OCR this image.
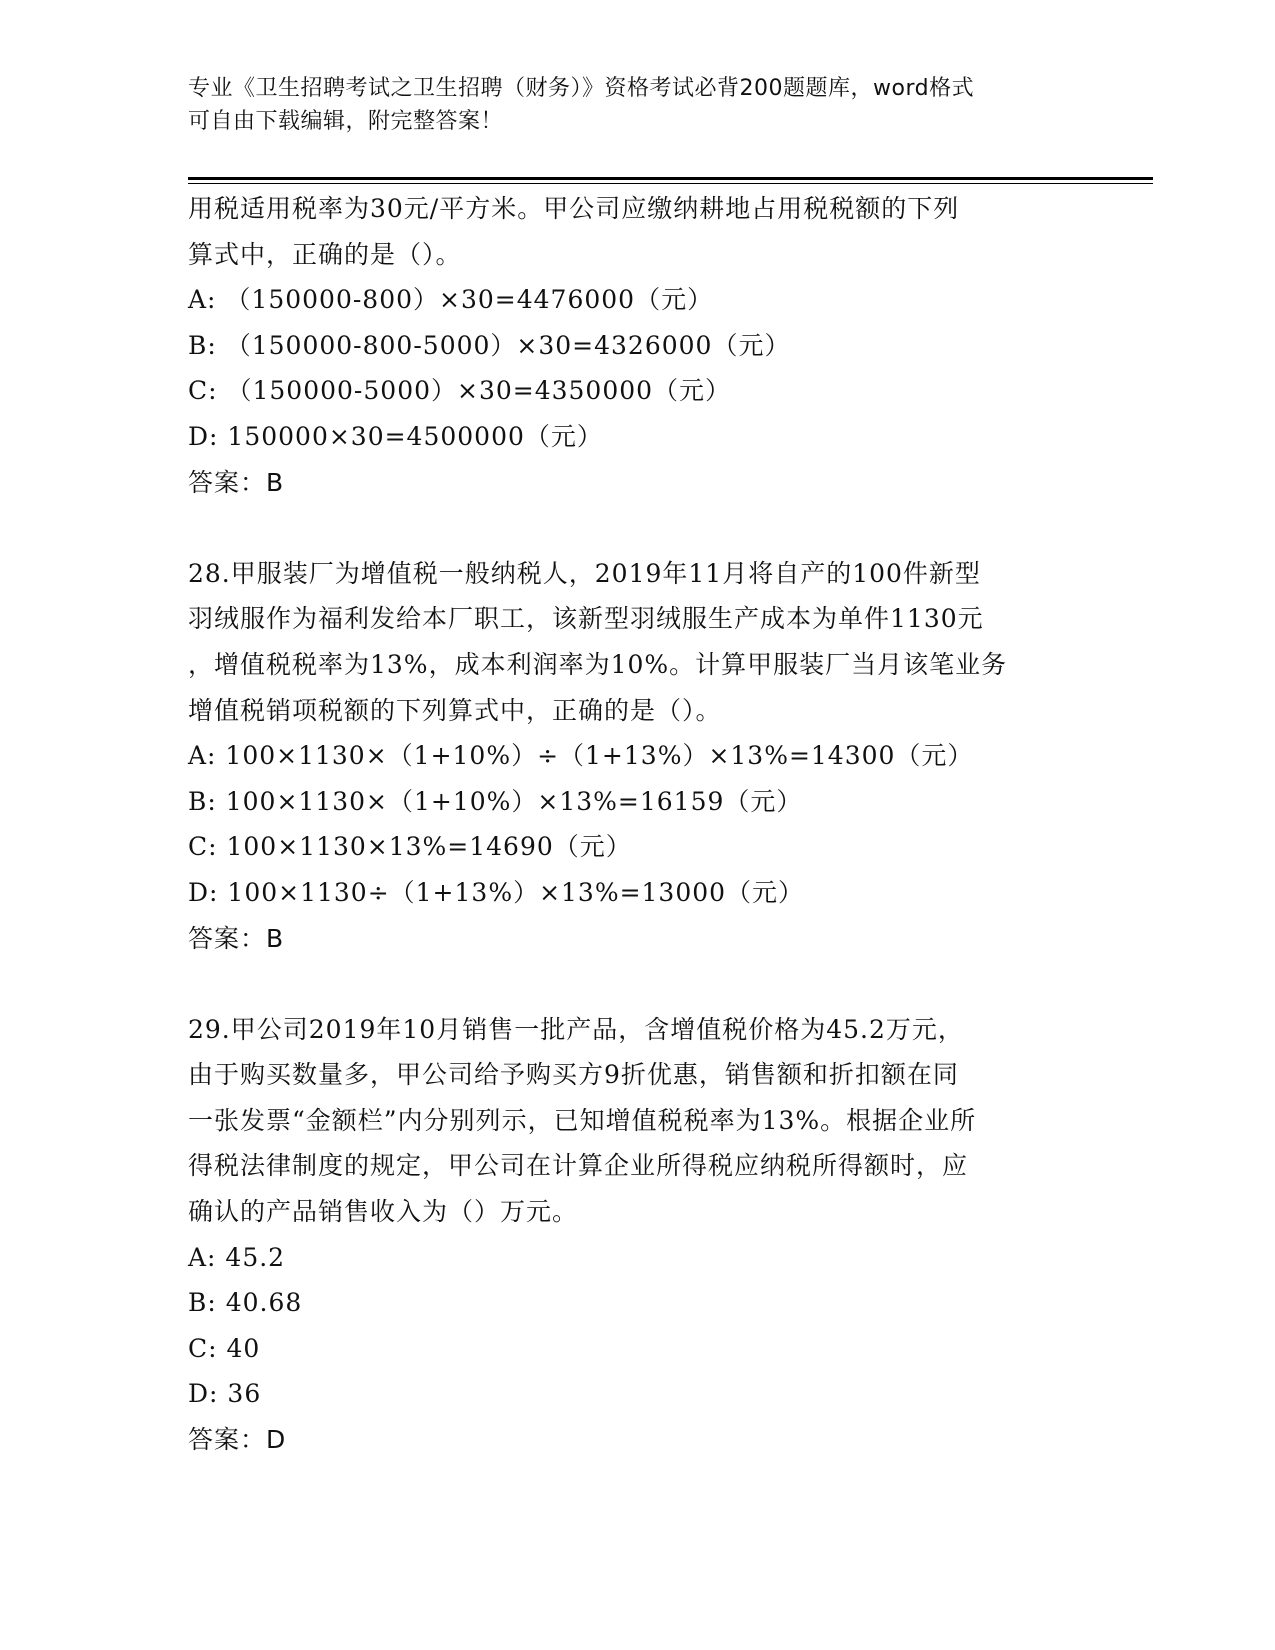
专业《卫生招聘考试之卫生招聘（财务）》资格考试必背200题题库，word格式
可自由下载编辑，附完整答案！
用税适用税率为30元/平方米。甲公司应缴纳耕地占用税税额的下列
算式中，正确的是（）。
A: （150000-800）×30=4476000（元）
B: （150000-800-5000）×30=4326000（元）
C: （150000-5000）×30=4350000（元）
D: 150000×30=4500000（元）
答案：B
28.甲服装厂为增值税一般纳税人，2019年11月将自产的100件新型
羽绒服作为福利发给本厂职工，该新型羽绒服生产成本为单件1130元
，增值税税率为13%，成本利润率为10%。计算甲服装厂当月该笔业务
增值税销项税额的下列算式中，正确的是（）。
A: 100×1130×（1+10%）÷（1+13%）×13%=14300（元）
B: 100×1130×（1+10%）×13%=16159（元）
C: 100×1130×13%=14690（元）
D: 100×1130÷（1+13%）×13%=13000（元）
答案：B
29.甲公司2019年10月销售一批产品，含增值税价格为45.2万元，
由于购买数量多，甲公司给予购买方9折优惠，销售额和折扣额在同
一张发票“金额栏”内分别列示，已知增值税税率为13%。根据企业所
得税法律制度的规定，甲公司在计算企业所得税应纳税所得额时，应
确认的产品销售收入为（）万元。
A: 45.2
B: 40.68
C: 40
D: 36
答案：D
